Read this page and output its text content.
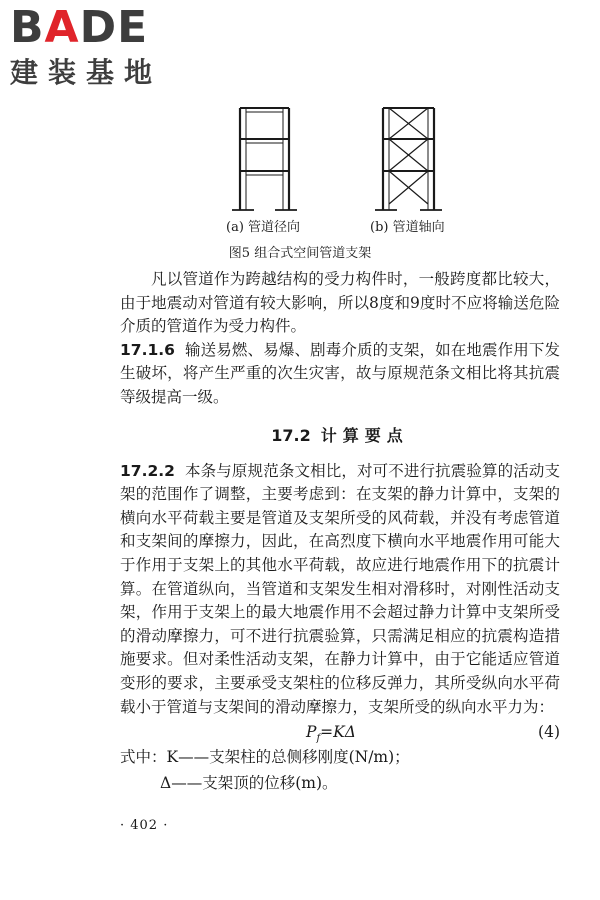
BADE
建装基地
(a) 管道径向	(b) 管道轴向
图5 组合式空间管道支架

凡以管道作为跨越结构的受力构件时，一般跨度都比较大，由于地震动对管道有较大影响，所以8度和9度时不应将输送危险介质的管道作为受力构件。

17.1.6 输送易燃、易爆、剧毒介质的支架，如在地震作用下发生破坏，将产生严重的次生灾害，故与原规范条文相比将其抗震等级提高一级。

17.2 计算要点

17.2.2 本条与原规范条文相比，对可不进行抗震验算的活动支架的范围作了调整，主要考虑到：在支架的静力计算中，支架的横向水平荷载主要是管道及支架所受的风荷载，并没有考虑管道和支架间的摩擦力，因此，在高烈度下横向水平地震作用可能大于作用于支架上的其他水平荷载，故应进行地震作用下的抗震计算。在管道纵向，当管道和支架发生相对滑移时，对刚性活动支架，作用于支架上的最大地震作用不会超过静力计算中支架所受的滑动摩擦力，可不进行抗震验算，只需满足相应的抗震构造措施要求。但对柔性活动支架，在静力计算中，由于它能适应管道变形的要求，主要承受支架柱的位移反弹力，其所受纵向水平荷载小于管道与支架间的滑动摩擦力，支架所受的纵向水平力为：

$P_f=K\Delta$	(4)

式中：K——支架柱的总侧移刚度(N/m)；

Δ——支架顶的位移(m)。

· 402 ·
